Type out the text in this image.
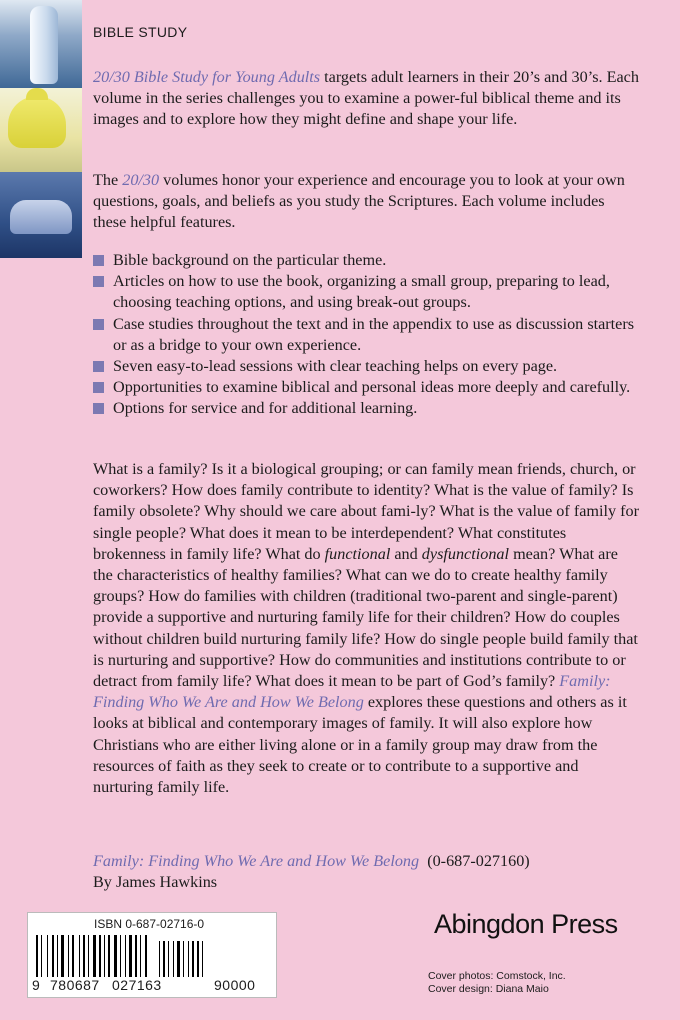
BIBLE STUDY
20/30 Bible Study for Young Adults targets adult learners in their 20’s and 30’s. Each volume in the series challenges you to examine a power-ful biblical theme and its images and to explore how they might define and shape your life.
The 20/30 volumes honor your experience and encourage you to look at your own questions, goals, and beliefs as you study the Scriptures. Each volume includes these helpful features.
Bible background on the particular theme.
Articles on how to use the book, organizing a small group, preparing to lead, choosing teaching options, and using break-out groups.
Case studies throughout the text and in the appendix to use as discussion starters or as a bridge to your own experience.
Seven easy-to-lead sessions with clear teaching helps on every page.
Opportunities to examine biblical and personal ideas more deeply and carefully.
Options for service and for additional learning.
What is a family? Is it a biological grouping; or can family mean friends, church, or coworkers? How does family contribute to identity? What is the value of family? Is family obsolete? Why should we care about fami-ly? What is the value of family for single people? What does it mean to be interdependent? What constitutes brokenness in family life? What do functional and dysfunctional mean? What are the characteristics of healthy families? What can we do to create healthy family groups? How do families with children (traditional two-parent and single-parent) provide a supportive and nurturing family life for their children? How do couples without children build nurturing family life? How do single people build family that is nurturing and supportive? How do communities and institutions contribute to or detract from family life? What does it mean to be part of God’s family? Family: Finding Who We Are and How We Belong explores these questions and others as it looks at biblical and contemporary images of family. It will also explore how Christians who are either living alone or in a family group may draw from the resources of faith as they seek to create or to contribute to a supportive and nurturing family life.
Family: Finding Who We Are and How We Belong (0-687-027160)
By James Hawkins
ISBN 0-687-02716-0
9 780687 027163	90000
Abingdon Press
Cover photos: Comstock, Inc.
Cover design: Diana Maio
